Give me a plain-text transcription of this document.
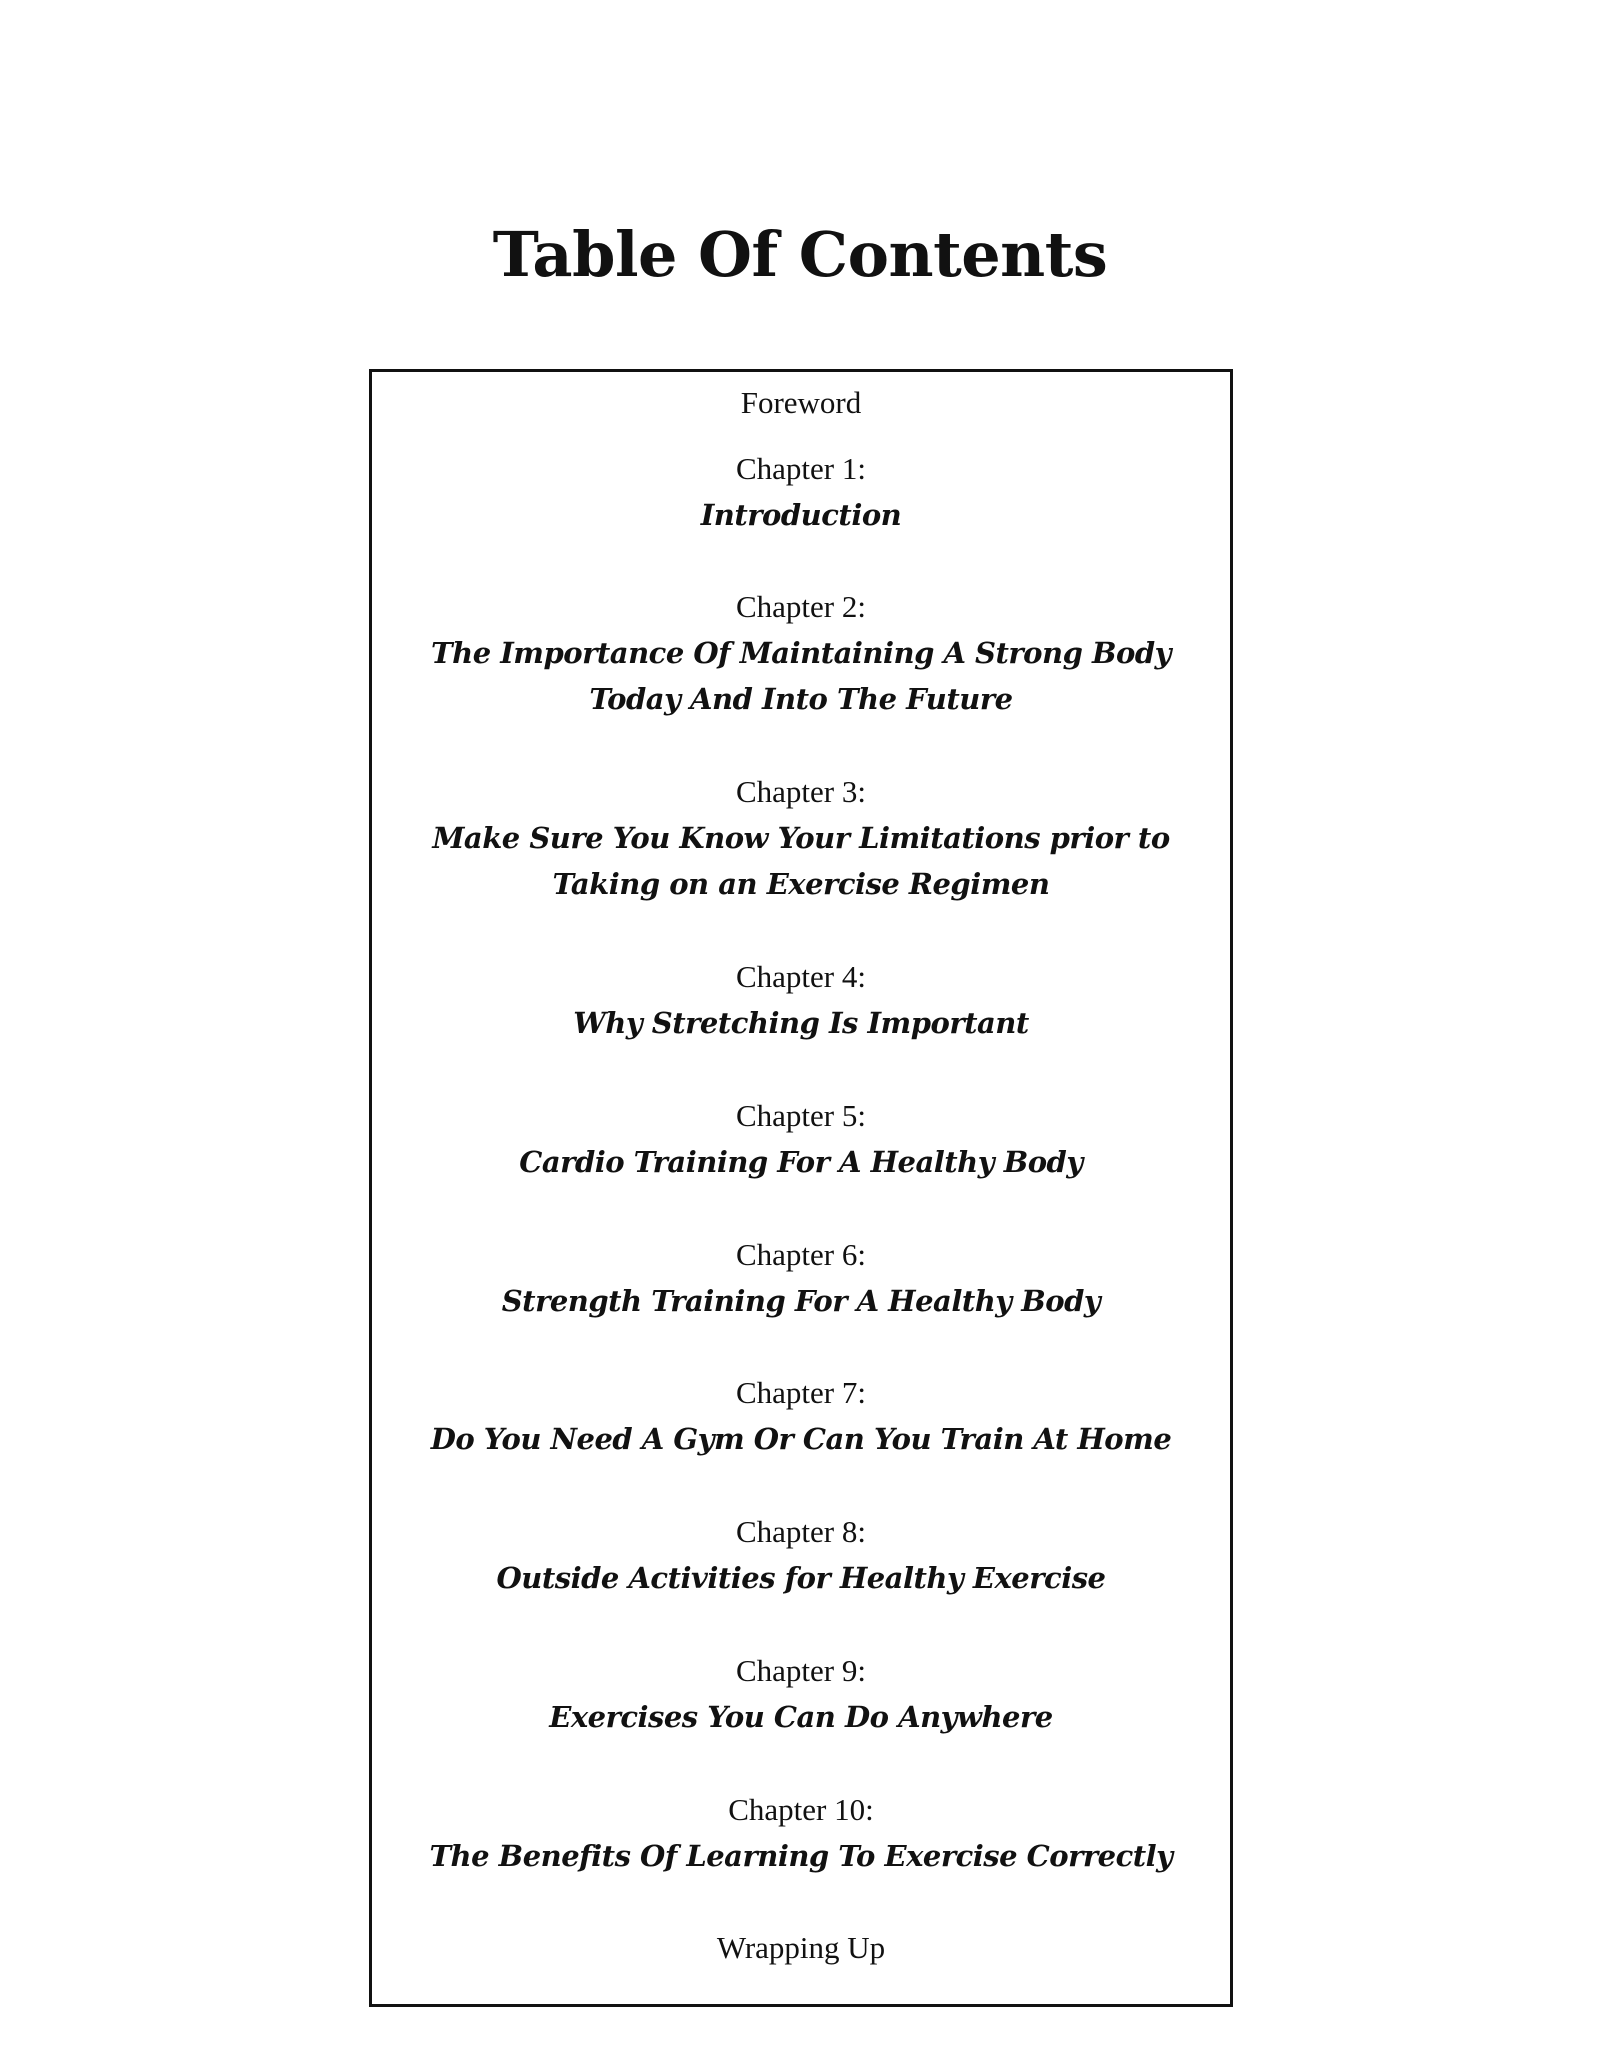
Table Of Contents
Foreword
Chapter 1:
Introduction
Chapter 2:
The Importance Of Maintaining A Strong Body
Today And Into The Future
Chapter 3:
Make Sure You Know Your Limitations prior to
Taking on an Exercise Regimen
Chapter 4:
Why Stretching Is Important
Chapter 5:
Cardio Training For A Healthy Body
Chapter 6:
Strength Training For A Healthy Body
Chapter 7:
Do You Need A Gym Or Can You Train At Home
Chapter 8:
Outside Activities for Healthy Exercise
Chapter 9:
Exercises You Can Do Anywhere
Chapter 10:
The Benefits Of Learning To Exercise Correctly
Wrapping Up
